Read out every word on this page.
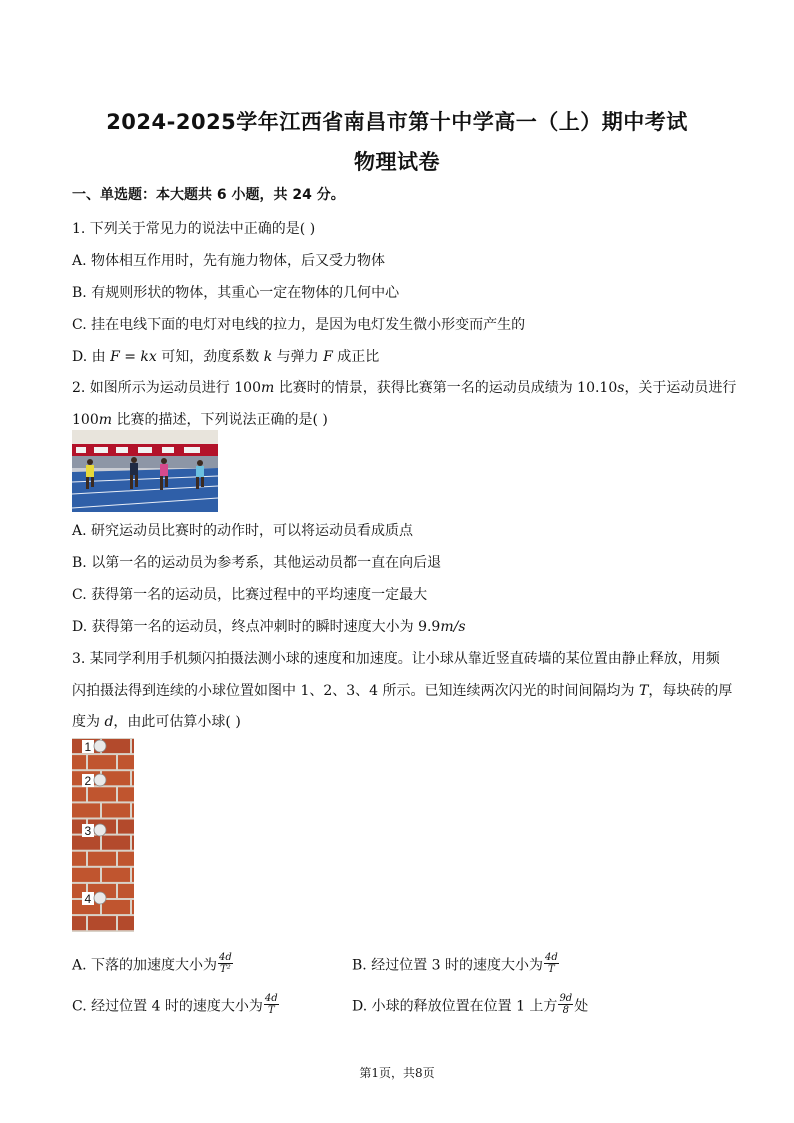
2024-2025学年江西省南昌市第十中学高一（上）期中考试
物理试卷
一、单选题：本大题共 6 小题，共 24 分。
1. 下列关于常见力的说法中正确的是( )
A. 物体相互作用时，先有施力物体，后又受力物体
B. 有规则形状的物体，其重心一定在物体的几何中心
C. 挂在电线下面的电灯对电线的拉力，是因为电灯发生微小形变而产生的
D. 由 F = kx 可知，劲度系数 k 与弹力 F 成正比
2. 如图所示为运动员进行 100m 比赛时的情景，获得比赛第一名的运动员成绩为 10.10s，关于运动员进行
100m 比赛的描述，下列说法正确的是( )
A. 研究运动员比赛时的动作时，可以将运动员看成质点
B. 以第一名的运动员为参考系，其他运动员都一直在向后退
C. 获得第一名的运动员，比赛过程中的平均速度一定最大
D. 获得第一名的运动员，终点冲刺时的瞬时速度大小为 9.9m/s
3. 某同学利用手机频闪拍摄法测小球的速度和加速度。让小球从靠近竖直砖墙的某位置由静止释放，用频
闪拍摄法得到连续的小球位置如图中 1、2、3、4 所示。已知连续两次闪光的时间间隔均为 T，每块砖的厚
度为 d，由此可估算小球( )
1
2
3
4
A. 下落的加速度大小为 $\frac{4d}{\text{T²}}$	B. 经过位置 3 时的速度大小为 $\frac{4d}{T}$
C. 经过位置 4 时的速度大小为 $\frac{4d}{T}$	D. 小球的释放位置在位置 1 上方 $\frac{9d}{8}$ 处
第1页，共8页
